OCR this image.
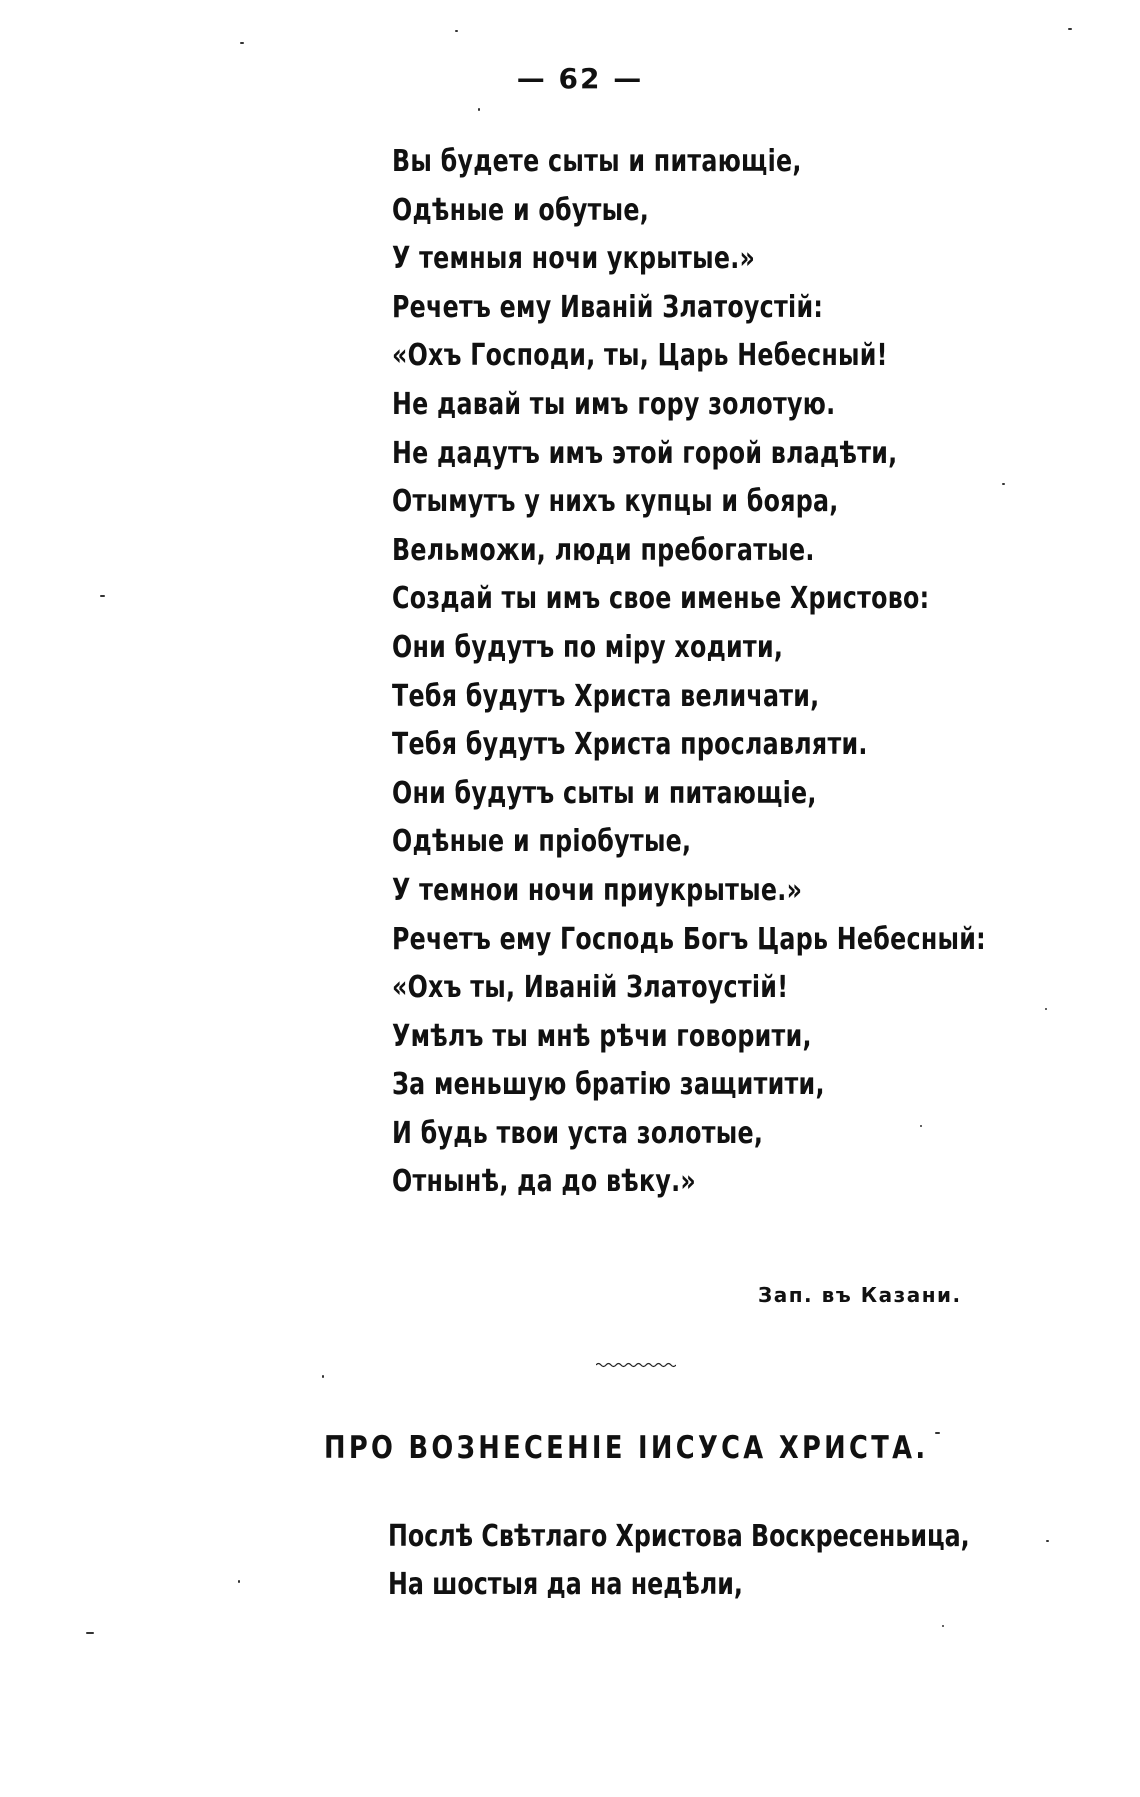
— 62 —
Вы будете сыты и питающіе,
Одѣные и обутые,
У темныя ночи укрытые.»
Речетъ ему Иваній Златоустій:
«Охъ Господи, ты, Царь Небесный!
Не давай ты имъ гору золотую.
Не дадутъ имъ этой горой владѣти,
Отымутъ у нихъ купцы и бояра,
Вельможи, люди пребогатые.
Создай ты имъ свое именье Христово:
Они будутъ по міру ходити,
Тебя будутъ Христа величати,
Тебя будутъ Христа прославляти.
Они будутъ сыты и питающіе,
Одѣные и пріобутые,
У темнои ночи приукрытые.»
Речетъ ему Господь Богъ Царь Небесный:
«Охъ ты, Иваній Златоустій!
Умѣлъ ты мнѣ рѣчи говорити,
За меньшую братію защитити,
И будь твои уста золотые,
Отнынѣ, да до вѣку.»
Зап. въ Казани.
ПРО ВОЗНЕСЕНІЕ ІИСУСА ХРИСТА.
Послѣ Свѣтлаго Христова Воскресеньица,
На шостыя да на недѣли,
